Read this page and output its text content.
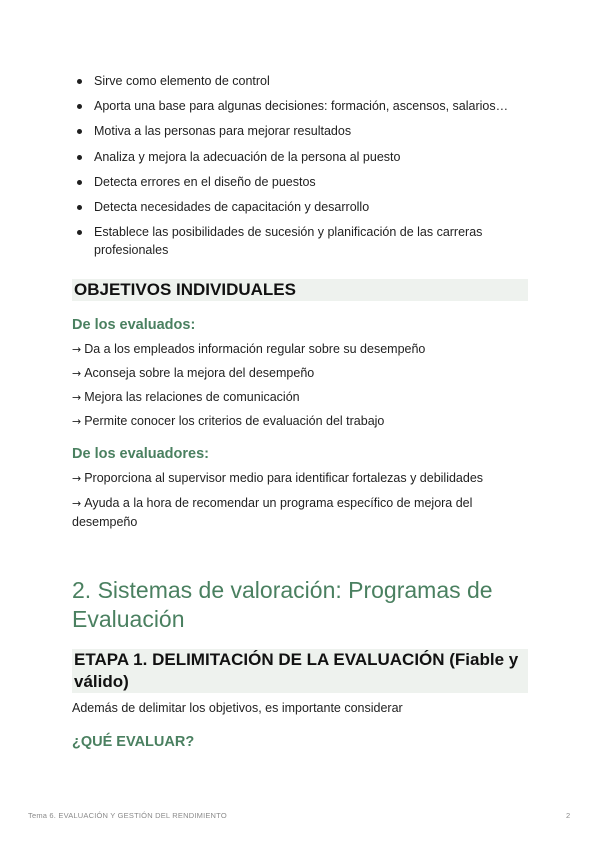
Sirve como elemento de control
Aporta una base para algunas decisiones: formación, ascensos, salarios…
Motiva a las personas para mejorar resultados
Analiza y mejora la adecuación de la persona al puesto
Detecta errores en el diseño de puestos
Detecta necesidades de capacitación y desarrollo
Establece las posibilidades de sucesión y planificación de las carreras profesionales
OBJETIVOS INDIVIDUALES
De los evaluados:
→ Da a los empleados información regular sobre su desempeño
→ Aconseja sobre la mejora del desempeño
→ Mejora las relaciones de comunicación
→ Permite conocer los criterios de evaluación del trabajo
De los evaluadores:
→ Proporciona al supervisor medio para identificar fortalezas y debilidades
→ Ayuda a la hora de recomendar un programa específico de mejora del desempeño
2. Sistemas de valoración: Programas de Evaluación
ETAPA 1. DELIMITACIÓN DE LA EVALUACIÓN (Fiable y válido)
Además de delimitar los objetivos, es importante considerar
¿QUÉ EVALUAR?
Tema 6. EVALUACIÓN Y GESTIÓN DEL RENDIMIENTO	2
